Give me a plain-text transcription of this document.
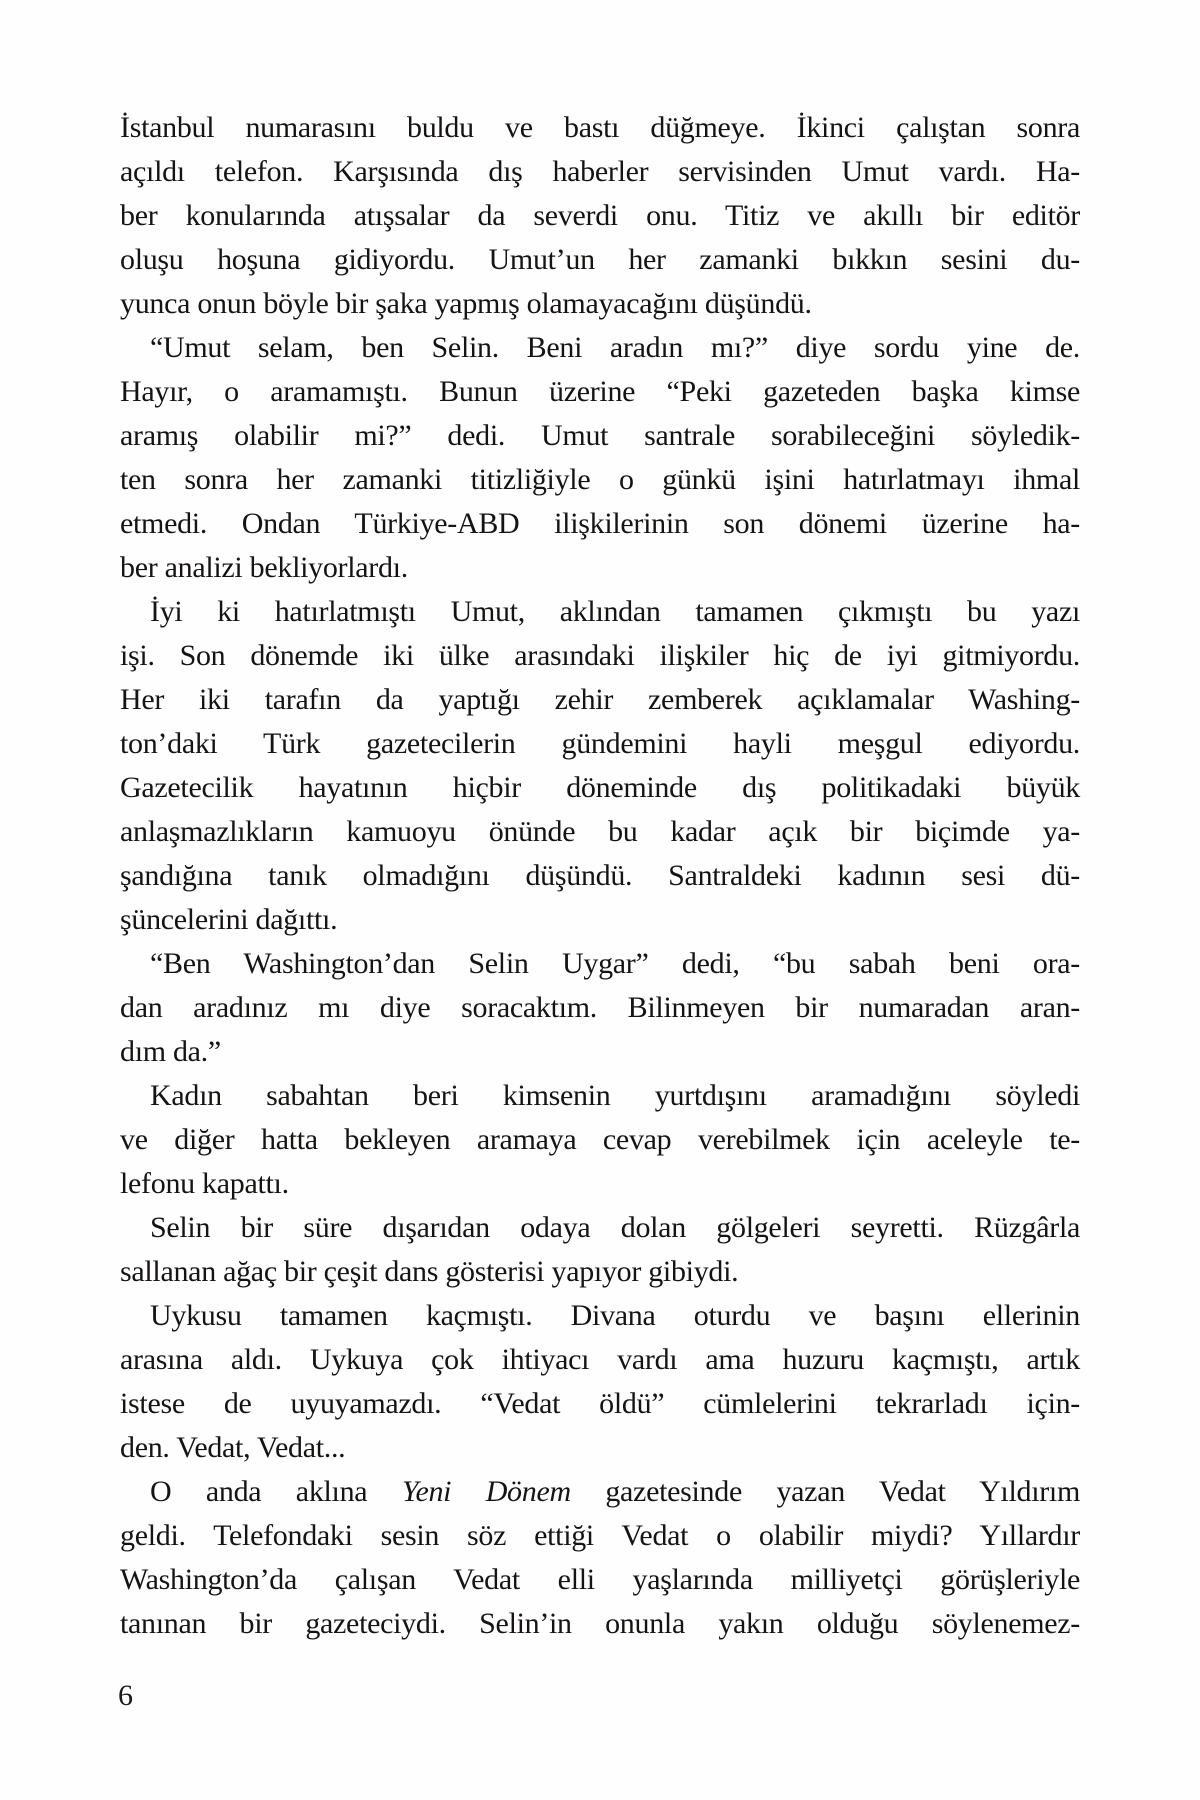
İstanbul numarasını buldu ve bastı düğmeye. İkinci çalıştan sonra
açıldı telefon. Karşısında dış haberler servisinden Umut vardı. Ha-
ber konularında atışsalar da severdi onu. Titiz ve akıllı bir editör
oluşu hoşuna gidiyordu. Umut’un her zamanki bıkkın sesini du-
yunca onun böyle bir şaka yapmış olamayacağını düşündü.
“Umut selam, ben Selin. Beni aradın mı?” diye sordu yine de.
Hayır, o aramamıştı. Bunun üzerine “Peki gazeteden başka kimse
aramış olabilir mi?” dedi. Umut santrale sorabileceğini söyledik-
ten sonra her zamanki titizliğiyle o günkü işini hatırlatmayı ihmal
etmedi. Ondan Türkiye-ABD ilişkilerinin son dönemi üzerine ha-
ber analizi bekliyorlardı.
İyi ki hatırlatmıştı Umut, aklından tamamen çıkmıştı bu yazı
işi. Son dönemde iki ülke arasındaki ilişkiler hiç de iyi gitmiyordu.
Her iki tarafın da yaptığı zehir zemberek açıklamalar Washing-
ton’daki Türk gazetecilerin gündemini hayli meşgul ediyordu.
Gazetecilik hayatının hiçbir döneminde dış politikadaki büyük
anlaşmazlıkların kamuoyu önünde bu kadar açık bir biçimde ya-
şandığına tanık olmadığını düşündü. Santraldeki kadının sesi dü-
şüncelerini dağıttı.
“Ben Washington’dan Selin Uygar” dedi, “bu sabah beni ora-
dan aradınız mı diye soracaktım. Bilinmeyen bir numaradan aran-
dım da.”
Kadın sabahtan beri kimsenin yurtdışını aramadığını söyledi
ve diğer hatta bekleyen aramaya cevap verebilmek için aceleyle te-
lefonu kapattı.
Selin bir süre dışarıdan odaya dolan gölgeleri seyretti. Rüzgârla
sallanan ağaç bir çeşit dans gösterisi yapıyor gibiydi.
Uykusu tamamen kaçmıştı. Divana oturdu ve başını ellerinin
arasına aldı. Uykuya çok ihtiyacı vardı ama huzuru kaçmıştı, artık
istese de uyuyamazdı. “Vedat öldü” cümlelerini tekrarladı için-
den. Vedat, Vedat...
O anda aklına Yeni Dönem gazetesinde yazan Vedat Yıldırım
geldi. Telefondaki sesin söz ettiği Vedat o olabilir miydi? Yıllardır
Washington’da çalışan Vedat elli yaşlarında milliyetçi görüşleriyle
tanınan bir gazeteciydi. Selin’in onunla yakın olduğu söylenemez-
6
